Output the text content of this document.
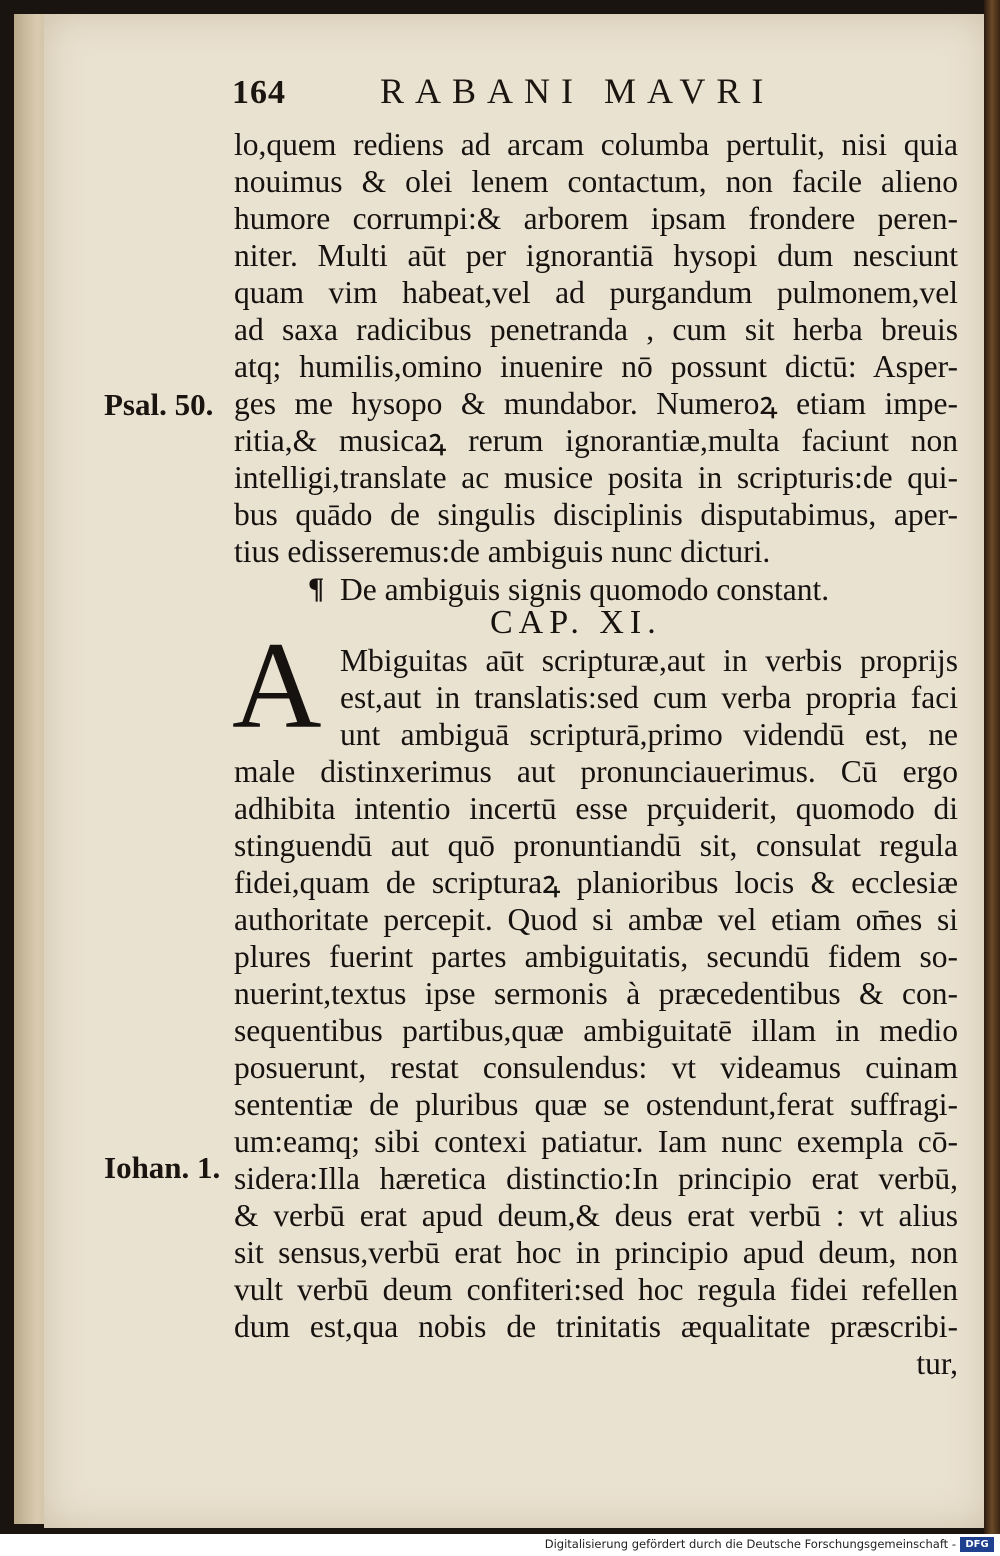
164	RABANI MAVRI
lo,quem rediens ad arcam columba pertulit, nisi quia
nouimus & olei lenem contactum, non facile alieno
humore corrumpi:& arborem ipsam frondere peren-
niter. Multi aūt per ignorantiā hysopi dum nesciunt
quam vim habeat,vel ad purgandum pulmonem,vel
ad saxa radicibus penetranda , cum sit herba breuis
atq; humilis,omino inuenire nō possunt dictū: Asper-
ges me hysopo & mundabor. Numeroꝝ etiam impe-
ritia,& musicaꝝ rerum ignorantiæ,multa faciunt non
intelligi,translate ac musice posita in scripturis:de qui-
bus quādo de singulis disciplinis disputabimus, aper-
tius edisseremus:de ambiguis nunc dicturi.
Psal. 50.
¶ De ambiguis signis quomodo constant.
CAP. XI.
A Mbiguitas aūt scripturæ,aut in verbis proprijs
est,aut in translatis:sed cum verba propria faci
unt ambiguā scripturā,primo videndū est, ne
male distinxerimus aut pronunciauerimus. Cū ergo
adhibita intentio incertū esse prçuiderit, quomodo di
stinguendū aut quō pronuntiandū sit, consulat regula
fidei,quam de scripturaꝝ planioribus locis & ecclesiæ
authoritate percepit. Quod si ambæ vel etiam om̄es si
plures fuerint partes ambiguitatis, secundū fidem so-
nuerint,textus ipse sermonis à præcedentibus & con-
sequentibus partibus,quæ ambiguitatē illam in medio
posuerunt, restat consulendus: vt videamus cuinam
sententiæ de pluribus quæ se ostendunt,ferat suffragi-
um:eamq; sibi contexi patiatur. Iam nunc exempla cō-
sidera:Illa hæretica distinctio:In principio erat verbū,
& verbū erat apud deum,& deus erat verbū : vt alius
sit sensus,verbū erat hoc in principio apud deum, non
vult verbū deum confiteri:sed hoc regula fidei refellen
dum est,qua nobis de trinitatis æqualitate præscribi-
tur,
Iohan. 1.
Digitalisierung gefördert durch die Deutsche Forschungsgemeinschaft - DFG
